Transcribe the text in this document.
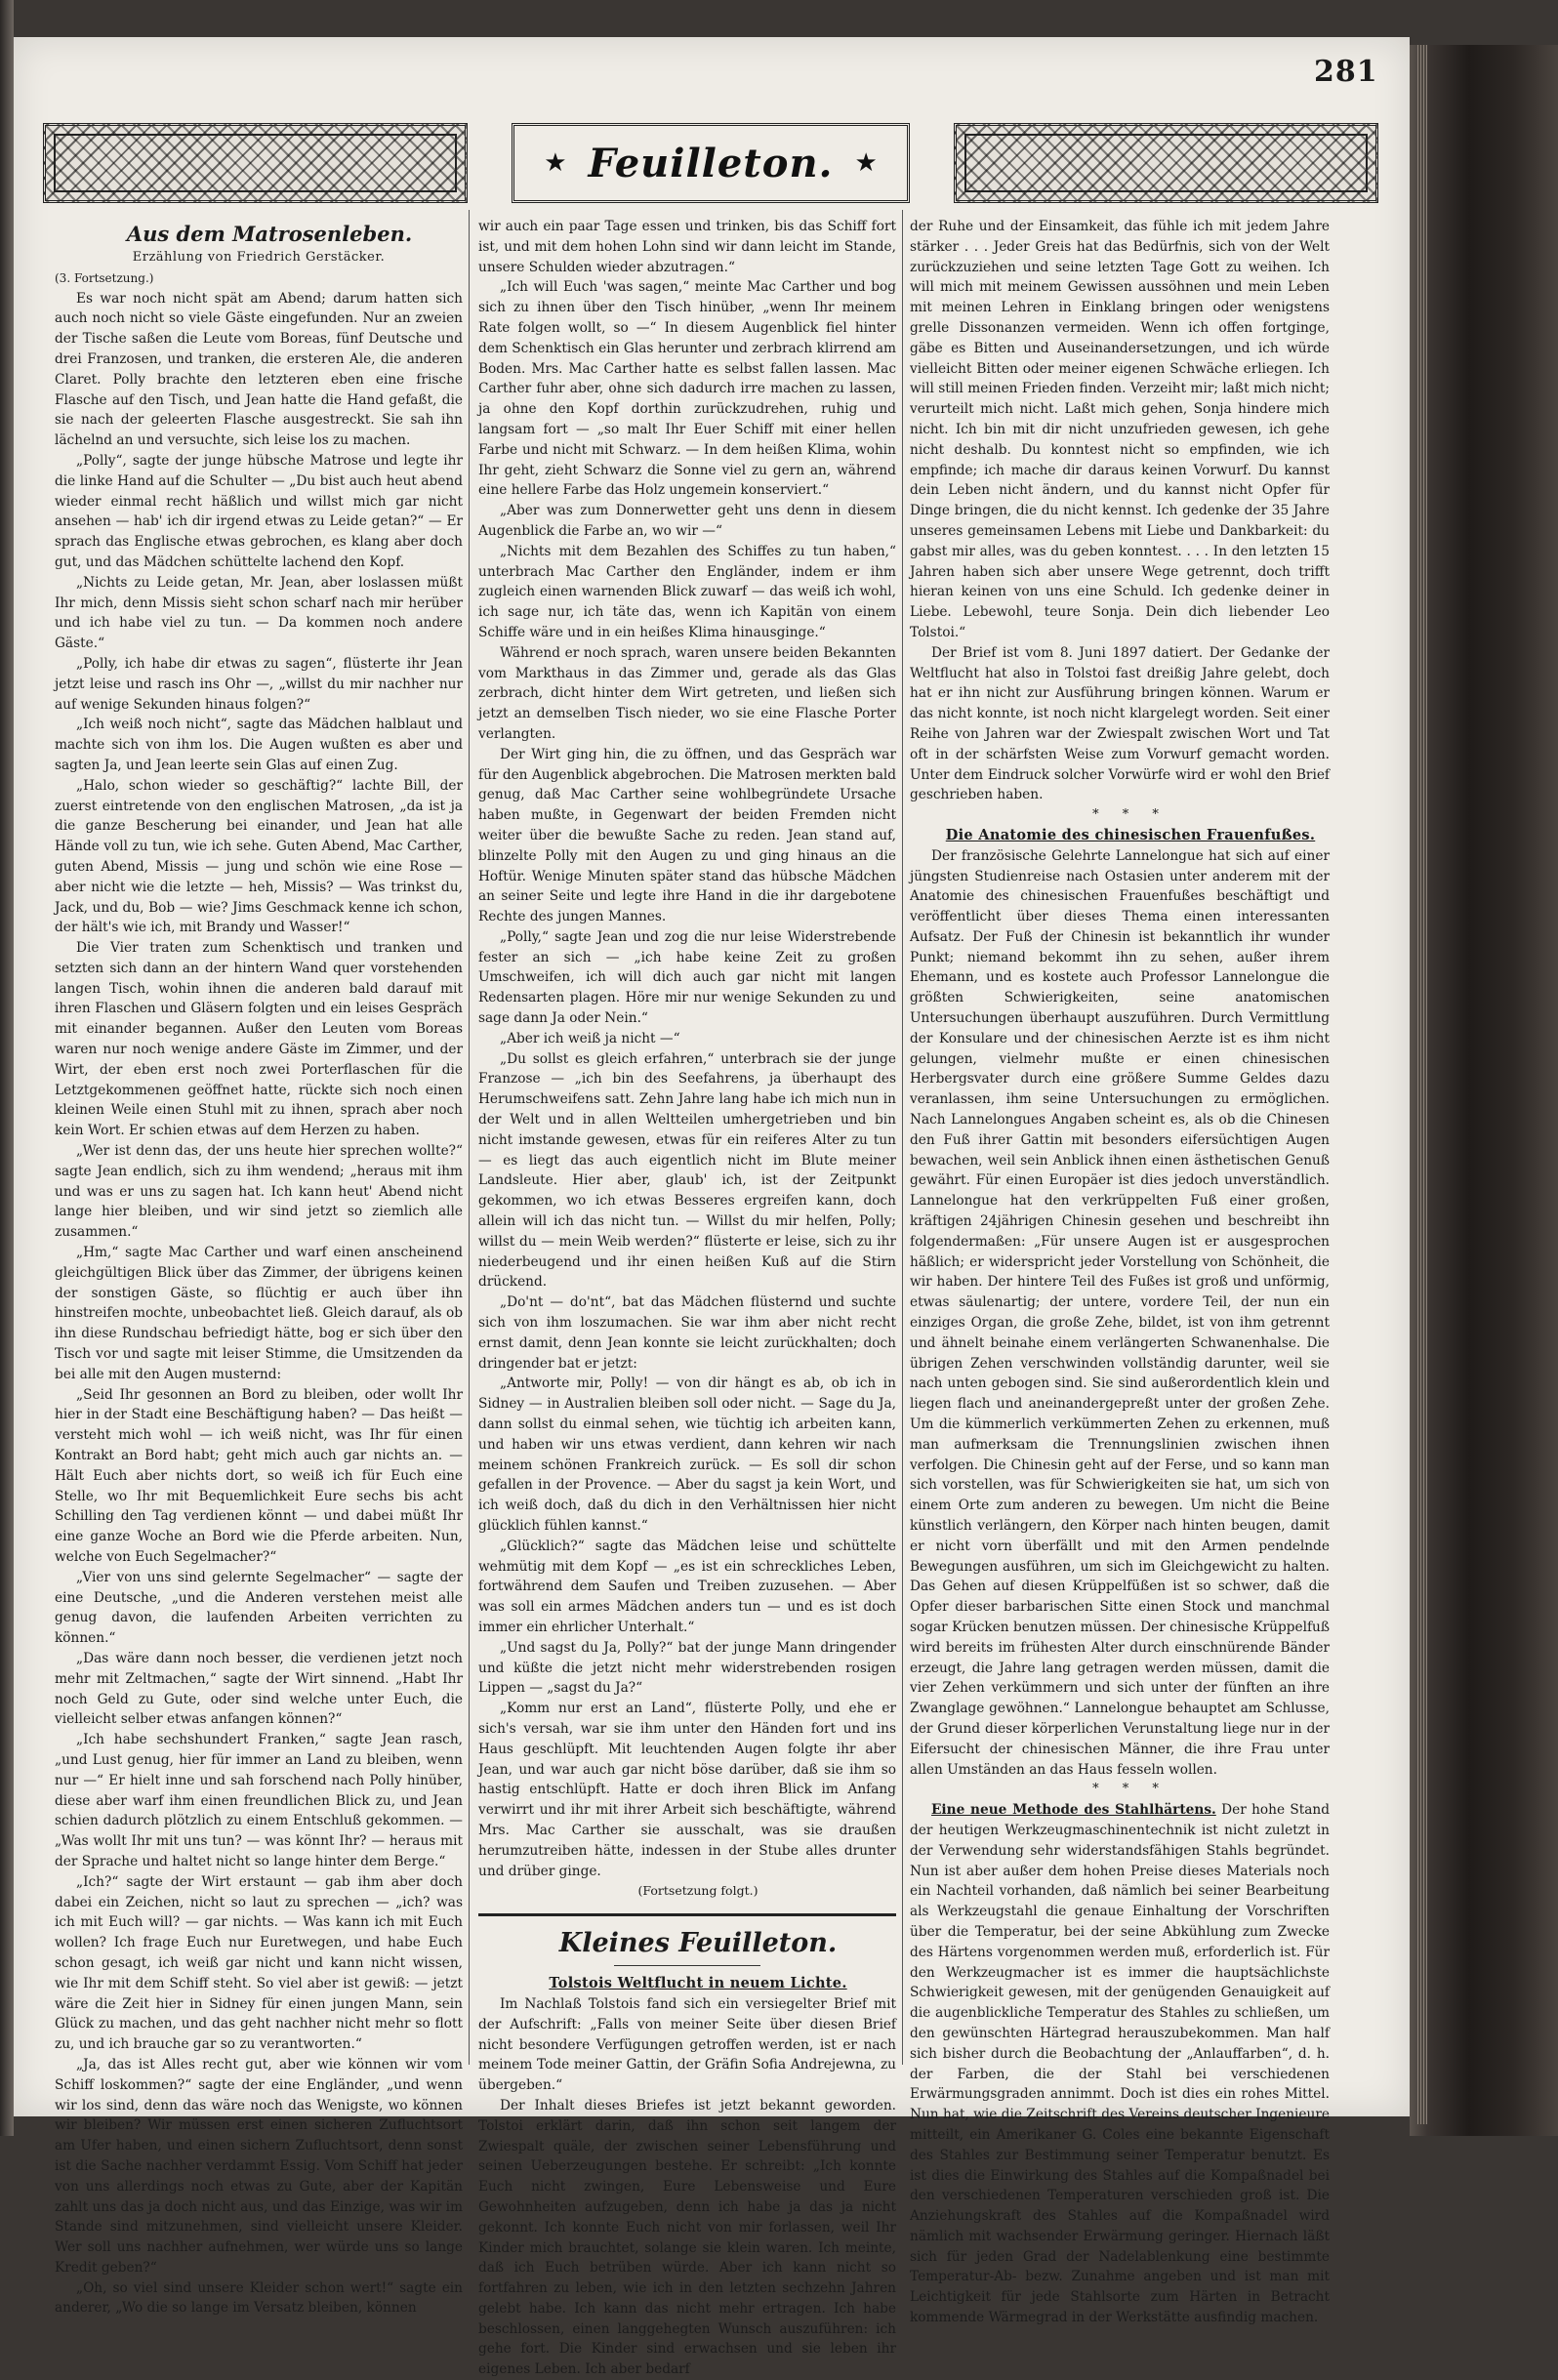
281
★ Feuilleton. ★

Aus dem Matrosenleben.

Erzählung von Friedrich Gerstäcker.

(3. Fortsetzung.)

Es war noch nicht spät am Abend; darum hatten sich auch noch nicht so viele Gäste eingefunden. Nur an zweien der Tische saßen die Leute vom Boreas, fünf Deutsche und drei Franzosen, und tranken, die ersteren Ale, die anderen Claret. Polly brachte den letzteren eben eine frische Flasche auf den Tisch, und Jean hatte die Hand gefaßt, die sie nach der geleerten Flasche ausgestreckt. Sie sah ihn lächelnd an und versuchte, sich leise los zu machen.

„Polly“, sagte der junge hübsche Matrose und legte ihr die linke Hand auf die Schulter — „Du bist auch heut abend wieder einmal recht häßlich und willst mich gar nicht ansehen — hab' ich dir irgend etwas zu Leide getan?“ — Er sprach das Englische etwas gebrochen, es klang aber doch gut, und das Mädchen schüttelte lachend den Kopf.

„Nichts zu Leide getan, Mr. Jean, aber loslassen müßt Ihr mich, denn Missis sieht schon scharf nach mir herüber und ich habe viel zu tun. — Da kommen noch andere Gäste.“

„Polly, ich habe dir etwas zu sagen“, flüsterte ihr Jean jetzt leise und rasch ins Ohr —, „willst du mir nachher nur auf wenige Sekunden hinaus folgen?“

„Ich weiß noch nicht“, sagte das Mädchen halblaut und machte sich von ihm los. Die Augen wußten es aber und sagten Ja, und Jean leerte sein Glas auf einen Zug.

„Halo, schon wieder so geschäftig?“ lachte Bill, der zuerst eintretende von den englischen Matrosen, „da ist ja die ganze Bescherung bei einander, und Jean hat alle Hände voll zu tun, wie ich sehe. Guten Abend, Mac Carther, guten Abend, Missis — jung und schön wie eine Rose — aber nicht wie die letzte — heh, Missis? — Was trinkst du, Jack, und du, Bob — wie? Jims Geschmack kenne ich schon, der hält's wie ich, mit Brandy und Wasser!“

Die Vier traten zum Schenktisch und tranken und setzten sich dann an der hintern Wand quer vorstehenden langen Tisch, wohin ihnen die anderen bald darauf mit ihren Flaschen und Gläsern folgten und ein leises Gespräch mit einander begannen. Außer den Leuten vom Boreas waren nur noch wenige andere Gäste im Zimmer, und der Wirt, der eben erst noch zwei Porterflaschen für die Letztgekommenen geöffnet hatte, rückte sich noch einen kleinen Weile einen Stuhl mit zu ihnen, sprach aber noch kein Wort. Er schien etwas auf dem Herzen zu haben.

„Wer ist denn das, der uns heute hier sprechen wollte?“ sagte Jean endlich, sich zu ihm wendend; „heraus mit ihm und was er uns zu sagen hat. Ich kann heut' Abend nicht lange hier bleiben, und wir sind jetzt so ziemlich alle zusammen.“

„Hm,“ sagte Mac Carther und warf einen anscheinend gleichgültigen Blick über das Zimmer, der übrigens keinen der sonstigen Gäste, so flüchtig er auch über ihn hinstreifen mochte, unbeobachtet ließ. Gleich darauf, als ob ihn diese Rundschau befriedigt hätte, bog er sich über den Tisch vor und sagte mit leiser Stimme, die Umsitzenden da bei alle mit den Augen musternd:

„Seid Ihr gesonnen an Bord zu bleiben, oder wollt Ihr hier in der Stadt eine Beschäftigung haben? — Das heißt — versteht mich wohl — ich weiß nicht, was Ihr für einen Kontrakt an Bord habt; geht mich auch gar nichts an. — Hält Euch aber nichts dort, so weiß ich für Euch eine Stelle, wo Ihr mit Bequemlichkeit Eure sechs bis acht Schilling den Tag verdienen könnt — und dabei müßt Ihr eine ganze Woche an Bord wie die Pferde arbeiten. Nun, welche von Euch Segelmacher?“

„Vier von uns sind gelernte Segelmacher“ — sagte der eine Deutsche, „und die Anderen verstehen meist alle genug davon, die laufenden Arbeiten verrichten zu können.“

„Das wäre dann noch besser, die verdienen jetzt noch mehr mit Zeltmachen,“ sagte der Wirt sinnend. „Habt Ihr noch Geld zu Gute, oder sind welche unter Euch, die vielleicht selber etwas anfangen können?“

„Ich habe sechshundert Franken,“ sagte Jean rasch, „und Lust genug, hier für immer an Land zu bleiben, wenn nur —“ Er hielt inne und sah forschend nach Polly hinüber, diese aber warf ihm einen freundlichen Blick zu, und Jean schien dadurch plötzlich zu einem Entschluß gekommen. — „Was wollt Ihr mit uns tun? — was könnt Ihr? — heraus mit der Sprache und haltet nicht so lange hinter dem Berge.“

„Ich?“ sagte der Wirt erstaunt — gab ihm aber doch dabei ein Zeichen, nicht so laut zu sprechen — „ich? was ich mit Euch will? — gar nichts. — Was kann ich mit Euch wollen? Ich frage Euch nur Euretwegen, und habe Euch schon gesagt, ich weiß gar nicht und kann nicht wissen, wie Ihr mit dem Schiff steht. So viel aber ist gewiß: — jetzt wäre die Zeit hier in Sidney für einen jungen Mann, sein Glück zu machen, und das geht nachher nicht mehr so flott zu, und ich brauche gar so zu verantworten.“

„Ja, das ist Alles recht gut, aber wie können wir vom Schiff loskommen?“ sagte der eine Engländer, „und wenn wir los sind, denn das wäre noch das Wenigste, wo können wir bleiben? Wir müssen erst einen sicheren Zufluchtsort am Ufer haben, und einen sichern Zufluchtsort, denn sonst ist die Sache nachher verdammt Essig. Vom Schiff hat jeder von uns allerdings noch etwas zu Gute, aber der Kapitän zahlt uns das ja doch nicht aus, und das Einzige, was wir im Stande sind mitzunehmen, sind vielleicht unsere Kleider. Wer soll uns nachher aufnehmen, wer würde uns so lange Kredit geben?“

„Oh, so viel sind unsere Kleider schon wert!“ sagte ein anderer, „Wo die so lange im Versatz bleiben, können

wir auch ein paar Tage essen und trinken, bis das Schiff fort ist, und mit dem hohen Lohn sind wir dann leicht im Stande, unsere Schulden wieder abzutragen.“

„Ich will Euch 'was sagen,“ meinte Mac Carther und bog sich zu ihnen über den Tisch hinüber, „wenn Ihr meinem Rate folgen wollt, so —“ In diesem Augenblick fiel hinter dem Schenktisch ein Glas herunter und zerbrach klirrend am Boden. Mrs. Mac Carther hatte es selbst fallen lassen. Mac Carther fuhr aber, ohne sich dadurch irre machen zu lassen, ja ohne den Kopf dorthin zurückzudrehen, ruhig und langsam fort — „so malt Ihr Euer Schiff mit einer hellen Farbe und nicht mit Schwarz. — In dem heißen Klima, wohin Ihr geht, zieht Schwarz die Sonne viel zu gern an, während eine hellere Farbe das Holz ungemein konserviert.“

„Aber was zum Donnerwetter geht uns denn in diesem Augenblick die Farbe an, wo wir —“

„Nichts mit dem Bezahlen des Schiffes zu tun haben,“ unterbrach Mac Carther den Engländer, indem er ihm zugleich einen warnenden Blick zuwarf — das weiß ich wohl, ich sage nur, ich täte das, wenn ich Kapitän von einem Schiffe wäre und in ein heißes Klima hinausginge.“

Während er noch sprach, waren unsere beiden Bekannten vom Markthaus in das Zimmer und, gerade als das Glas zerbrach, dicht hinter dem Wirt getreten, und ließen sich jetzt an demselben Tisch nieder, wo sie eine Flasche Porter verlangten.

Der Wirt ging hin, die zu öffnen, und das Gespräch war für den Augenblick abgebrochen. Die Matrosen merkten bald genug, daß Mac Carther seine wohlbegründete Ursache haben mußte, in Gegenwart der beiden Fremden nicht weiter über die bewußte Sache zu reden. Jean stand auf, blinzelte Polly mit den Augen zu und ging hinaus an die Hoftür. Wenige Minuten später stand das hübsche Mädchen an seiner Seite und legte ihre Hand in die ihr dargebotene Rechte des jungen Mannes.

„Polly,“ sagte Jean und zog die nur leise Widerstrebende fester an sich — „ich habe keine Zeit zu großen Umschweifen, ich will dich auch gar nicht mit langen Redensarten plagen. Höre mir nur wenige Sekunden zu und sage dann Ja oder Nein.“

„Aber ich weiß ja nicht —“

„Du sollst es gleich erfahren,“ unterbrach sie der junge Franzose — „ich bin des Seefahrens, ja überhaupt des Herumschweifens satt. Zehn Jahre lang habe ich mich nun in der Welt und in allen Weltteilen umhergetrieben und bin nicht imstande gewesen, etwas für ein reiferes Alter zu tun — es liegt das auch eigentlich nicht im Blute meiner Landsleute. Hier aber, glaub' ich, ist der Zeitpunkt gekommen, wo ich etwas Besseres ergreifen kann, doch allein will ich das nicht tun. — Willst du mir helfen, Polly; willst du — mein Weib werden?“ flüsterte er leise, sich zu ihr niederbeugend und ihr einen heißen Kuß auf die Stirn drückend.

„Do'nt — do'nt“, bat das Mädchen flüsternd und suchte sich von ihm loszumachen. Sie war ihm aber nicht recht ernst damit, denn Jean konnte sie leicht zurückhalten; doch dringender bat er jetzt:

„Antworte mir, Polly! — von dir hängt es ab, ob ich in Sidney — in Australien bleiben soll oder nicht. — Sage du Ja, dann sollst du einmal sehen, wie tüchtig ich arbeiten kann, und haben wir uns etwas verdient, dann kehren wir nach meinem schönen Frankreich zurück. — Es soll dir schon gefallen in der Provence. — Aber du sagst ja kein Wort, und ich weiß doch, daß du dich in den Verhältnissen hier nicht glücklich fühlen kannst.“

„Glücklich?“ sagte das Mädchen leise und schüttelte wehmütig mit dem Kopf — „es ist ein schreckliches Leben, fortwährend dem Saufen und Treiben zuzusehen. — Aber was soll ein armes Mädchen anders tun — und es ist doch immer ein ehrlicher Unterhalt.“

„Und sagst du Ja, Polly?“ bat der junge Mann dringender und küßte die jetzt nicht mehr widerstrebenden rosigen Lippen — „sagst du Ja?“

„Komm nur erst an Land“, flüsterte Polly, und ehe er sich's versah, war sie ihm unter den Händen fort und ins Haus geschlüpft. Mit leuchtenden Augen folgte ihr aber Jean, und war auch gar nicht böse darüber, daß sie ihm so hastig entschlüpft. Hatte er doch ihren Blick im Anfang verwirrt und ihr mit ihrer Arbeit sich beschäftigte, während Mrs. Mac Carther sie ausschalt, was sie draußen herumzutreiben hätte, indessen in der Stube alles drunter und drüber ginge.

(Fortsetzung folgt.)

Kleines Feuilleton.

Tolstois Weltflucht in neuem Lichte.

Im Nachlaß Tolstois fand sich ein versiegelter Brief mit der Aufschrift: „Falls von meiner Seite über diesen Brief nicht besondere Verfügungen getroffen werden, ist er nach meinem Tode meiner Gattin, der Gräfin Sofia Andrejewna, zu übergeben.“

Der Inhalt dieses Briefes ist jetzt bekannt geworden. Tolstoi erklärt darin, daß ihn schon seit langem der Zwiespalt quäle, der zwischen seiner Lebensführung und seinen Ueberzeugungen bestehe. Er schreibt: „Ich konnte Euch nicht zwingen, Eure Lebensweise und Eure Gewohnheiten aufzugeben, denn ich habe ja das ja nicht gekonnt. Ich konnte Euch nicht von mir forlassen, weil Ihr Kinder mich brauchtet, solange sie klein waren. Ich meinte, daß ich Euch betrüben würde. Aber ich kann nicht so fortfahren zu leben, wie ich in den letzten sechzehn Jahren gelebt habe. Ich kann das nicht mehr ertragen. Ich habe beschlossen, einen langgehegten Wunsch auszuführen: ich gehe fort. Die Kinder sind erwachsen und sie leben ihr eigenes Leben. Ich aber bedarf

der Ruhe und der Einsamkeit, das fühle ich mit jedem Jahre stärker . . . Jeder Greis hat das Bedürfnis, sich von der Welt zurückzuziehen und seine letzten Tage Gott zu weihen. Ich will mich mit meinem Gewissen aussöhnen und mein Leben mit meinen Lehren in Einklang bringen oder wenigstens grelle Dissonanzen vermeiden. Wenn ich offen fortginge, gäbe es Bitten und Auseinandersetzungen, und ich würde vielleicht Bitten oder meiner eigenen Schwäche erliegen. Ich will still meinen Frieden finden. Verzeiht mir; laßt mich nicht; verurteilt mich nicht. Laßt mich gehen, Sonja hindere mich nicht. Ich bin mit dir nicht unzufrieden gewesen, ich gehe nicht deshalb. Du konntest nicht so empfinden, wie ich empfinde; ich mache dir daraus keinen Vorwurf. Du kannst dein Leben nicht ändern, und du kannst nicht Opfer für Dinge bringen, die du nicht kennst. Ich gedenke der 35 Jahre unseres gemeinsamen Lebens mit Liebe und Dankbarkeit: du gabst mir alles, was du geben konntest. . . . In den letzten 15 Jahren haben sich aber unsere Wege getrennt, doch trifft hieran keinen von uns eine Schuld. Ich gedenke deiner in Liebe. Lebewohl, teure Sonja. Dein dich liebender Leo Tolstoi.“

Der Brief ist vom 8. Juni 1897 datiert. Der Gedanke der Weltflucht hat also in Tolstoi fast dreißig Jahre gelebt, doch hat er ihn nicht zur Ausführung bringen können. Warum er das nicht konnte, ist noch nicht klargelegt worden. Seit einer Reihe von Jahren war der Zwiespalt zwischen Wort und Tat oft in der schärfsten Weise zum Vorwurf gemacht worden. Unter dem Eindruck solcher Vorwürfe wird er wohl den Brief geschrieben haben.

* * *

Die Anatomie des chinesischen Frauenfußes.

Der französische Gelehrte Lannelongue hat sich auf einer jüngsten Studienreise nach Ostasien unter anderem mit der Anatomie des chinesischen Frauenfußes beschäftigt und veröffentlicht über dieses Thema einen interessanten Aufsatz. Der Fuß der Chinesin ist bekanntlich ihr wunder Punkt; niemand bekommt ihn zu sehen, außer ihrem Ehemann, und es kostete auch Professor Lannelongue die größten Schwierigkeiten, seine anatomischen Untersuchungen überhaupt auszuführen. Durch Vermittlung der Konsulare und der chinesischen Aerzte ist es ihm nicht gelungen, vielmehr mußte er einen chinesischen Herbergsvater durch eine größere Summe Geldes dazu veranlassen, ihm seine Untersuchungen zu ermöglichen. Nach Lannelongues Angaben scheint es, als ob die Chinesen den Fuß ihrer Gattin mit besonders eifersüchtigen Augen bewachen, weil sein Anblick ihnen einen ästhetischen Genuß gewährt. Für einen Europäer ist dies jedoch unverständlich. Lannelongue hat den verkrüppelten Fuß einer großen, kräftigen 24jährigen Chinesin gesehen und beschreibt ihn folgendermaßen: „Für unsere Augen ist er ausgesprochen häßlich; er widerspricht jeder Vorstellung von Schönheit, die wir haben. Der hintere Teil des Fußes ist groß und unförmig, etwas säulenartig; der untere, vordere Teil, der nun ein einziges Organ, die große Zehe, bildet, ist von ihm getrennt und ähnelt beinahe einem verlängerten Schwanenhalse. Die übrigen Zehen verschwinden vollständig darunter, weil sie nach unten gebogen sind. Sie sind außerordentlich klein und liegen flach und aneinandergepreßt unter der großen Zehe. Um die kümmerlich verkümmerten Zehen zu erkennen, muß man aufmerksam die Trennungslinien zwischen ihnen verfolgen. Die Chinesin geht auf der Ferse, und so kann man sich vorstellen, was für Schwierigkeiten sie hat, um sich von einem Orte zum anderen zu bewegen. Um nicht die Beine künstlich verlängern, den Körper nach hinten beugen, damit er nicht vorn überfällt und mit den Armen pendelnde Bewegungen ausführen, um sich im Gleichgewicht zu halten. Das Gehen auf diesen Krüppelfüßen ist so schwer, daß die Opfer dieser barbarischen Sitte einen Stock und manchmal sogar Krücken benutzen müssen. Der chinesische Krüppelfuß wird bereits im frühesten Alter durch einschnürende Bänder erzeugt, die Jahre lang getragen werden müssen, damit die vier Zehen verkümmern und sich unter der fünften an ihre Zwanglage gewöhnen.“ Lannelongue behauptet am Schlusse, der Grund dieser körperlichen Verunstaltung liege nur in der Eifersucht der chinesischen Männer, die ihre Frau unter allen Umständen an das Haus fesseln wollen.

* * *

Eine neue Methode des Stahlhärtens. Der hohe Stand der heutigen Werkzeugmaschinentechnik ist nicht zuletzt in der Verwendung sehr widerstandsfähigen Stahls begründet. Nun ist aber außer dem hohen Preise dieses Materials noch ein Nachteil vorhanden, daß nämlich bei seiner Bearbeitung als Werkzeugstahl die genaue Einhaltung der Vorschriften über die Temperatur, bei der seine Abkühlung zum Zwecke des Härtens vorgenommen werden muß, erforderlich ist. Für den Werkzeugmacher ist es immer die hauptsächlichste Schwierigkeit gewesen, mit der genügenden Genauigkeit auf die augenblickliche Temperatur des Stahles zu schließen, um den gewünschten Härtegrad herauszubekommen. Man half sich bisher durch die Beobachtung der „Anlauffarben“, d. h. der Farben, die der Stahl bei verschiedenen Erwärmungsgraden annimmt. Doch ist dies ein rohes Mittel. Nun hat, wie die Zeitschrift des Vereins deutscher Ingenieure mitteilt, ein Amerikaner G. Coles eine bekannte Eigenschaft des Stahles zur Bestimmung seiner Temperatur benutzt. Es ist dies die Einwirkung des Stahles auf die Kompaßnadel bei den verschiedenen Temperaturen verschieden groß ist. Die Anziehungskraft des Stahles auf die Kompaßnadel wird nämlich mit wachsender Erwärmung geringer. Hiernach läßt sich für jeden Grad der Nadelablenkung eine bestimmte Temperatur-Ab- bezw. Zunahme angeben und ist man mit Leichtigkeit für jede Stahlsorte zum Härten in Betracht kommende Wärmegrad in der Werkstätte ausfindig machen.
